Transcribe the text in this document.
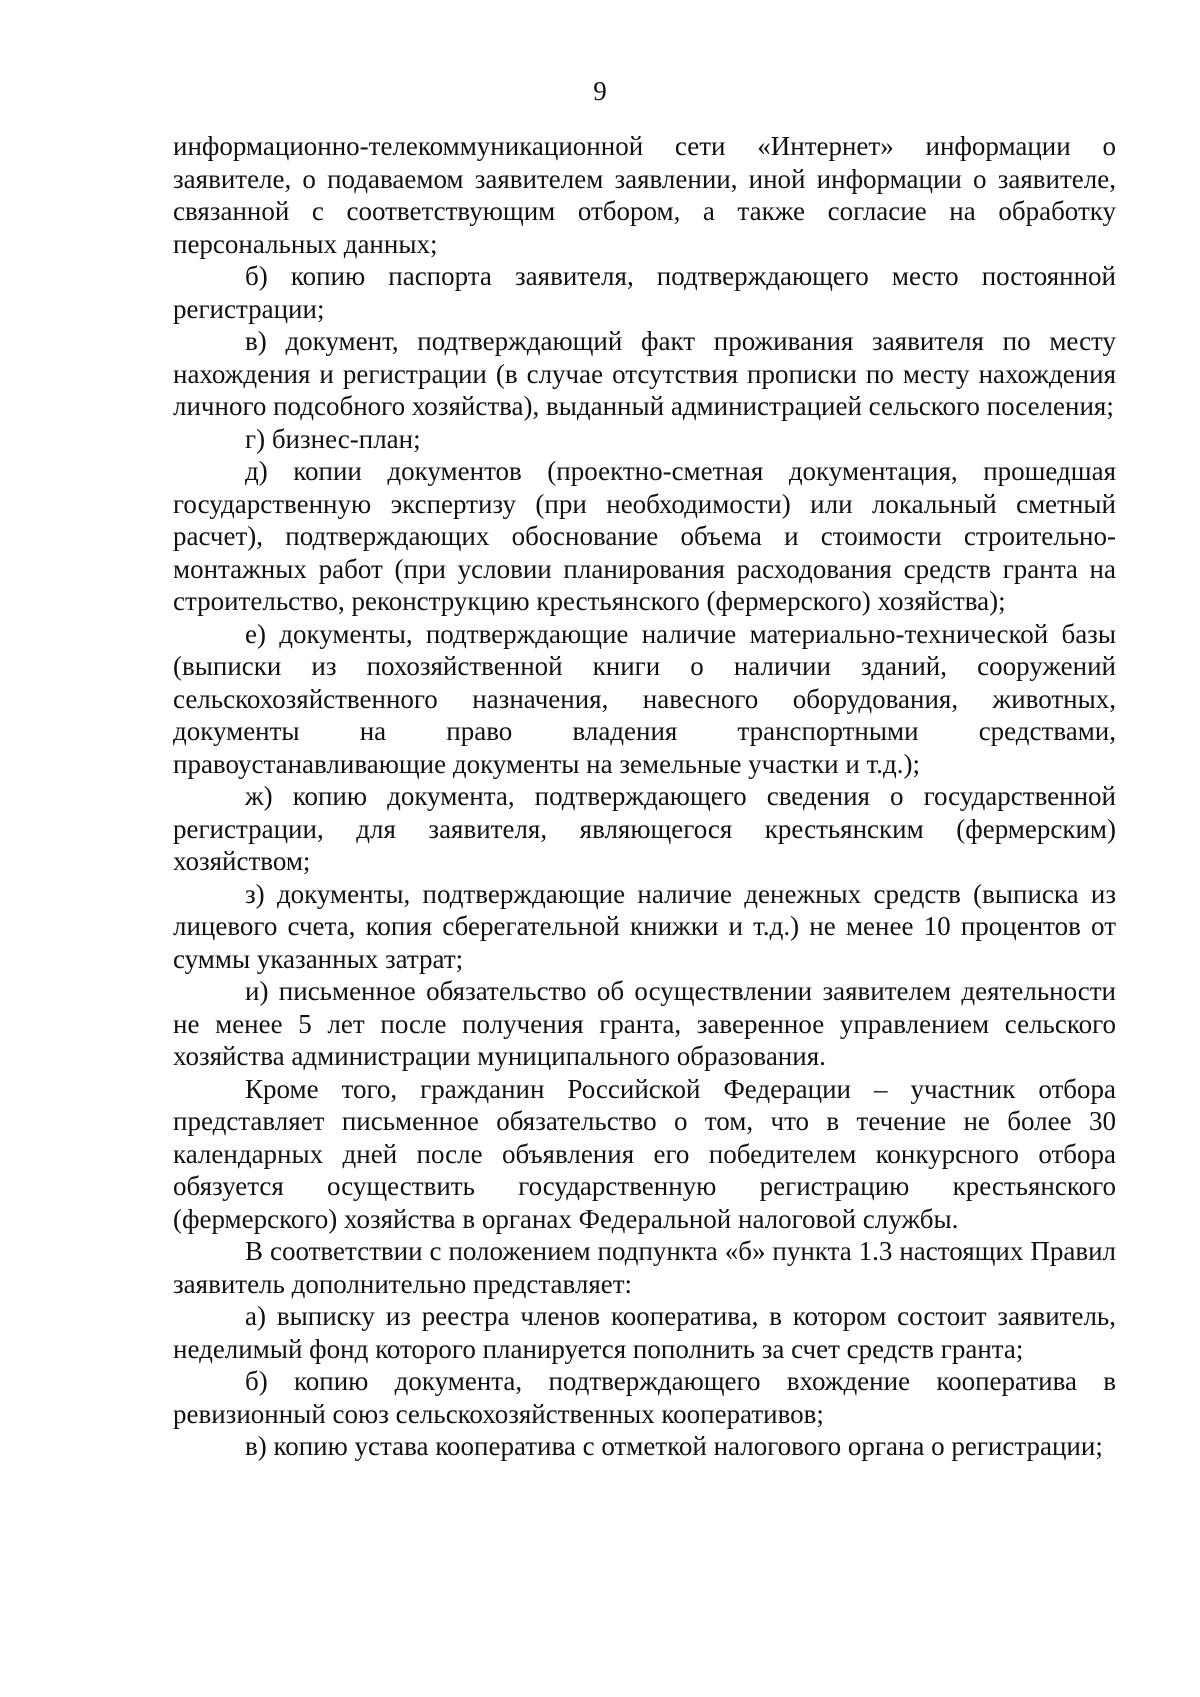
9

информационно-телекоммуникационной сети «Интернет» информации о заявителе, о подаваемом заявителем заявлении, иной информации о заявителе, связанной с соответствующим отбором, а также согласие на обработку персональных данных;

б) копию паспорта заявителя, подтверждающего место постоянной регистрации;

в) документ, подтверждающий факт проживания заявителя по месту нахождения и регистрации (в случае отсутствия прописки по месту нахождения личного подсобного хозяйства), выданный администрацией сельского поселения;

г) бизнес-план;

д) копии документов (проектно-сметная документация, прошедшая государственную экспертизу (при необходимости) или локальный сметный расчет), подтверждающих обоснование объема и стоимости строительно-монтажных работ (при условии планирования расходования средств гранта на строительство, реконструкцию крестьянского (фермерского) хозяйства);

е) документы, подтверждающие наличие материально-технической базы (выписки из похозяйственной книги о наличии зданий, сооружений сельскохозяйственного назначения, навесного оборудования, животных, документы на право владения транспортными средствами, правоустанавливающие документы на земельные участки и т.д.);

ж) копию документа, подтверждающего сведения о государственной регистрации, для заявителя, являющегося крестьянским (фермерским) хозяйством;

з) документы, подтверждающие наличие денежных средств (выписка из лицевого счета, копия сберегательной книжки и т.д.) не менее 10 процентов от суммы указанных затрат;

и) письменное обязательство об осуществлении заявителем деятельности не менее 5 лет после получения гранта, заверенное управлением сельского хозяйства администрации муниципального образования.

Кроме того, гражданин Российской Федерации – участник отбора представляет письменное обязательство о том, что в течение не более 30 календарных дней после объявления его победителем конкурсного отбора обязуется осуществить государственную регистрацию крестьянского (фермерского) хозяйства в органах Федеральной налоговой службы.

В соответствии с положением подпункта «б» пункта 1.3 настоящих Правил заявитель дополнительно представляет:

а) выписку из реестра членов кооператива, в котором состоит заявитель, неделимый фонд которого планируется пополнить за счет средств гранта;

б) копию документа, подтверждающего вхождение кооператива в ревизионный союз сельскохозяйственных кооперативов;

в) копию устава кооператива с отметкой налогового органа о регистрации;
